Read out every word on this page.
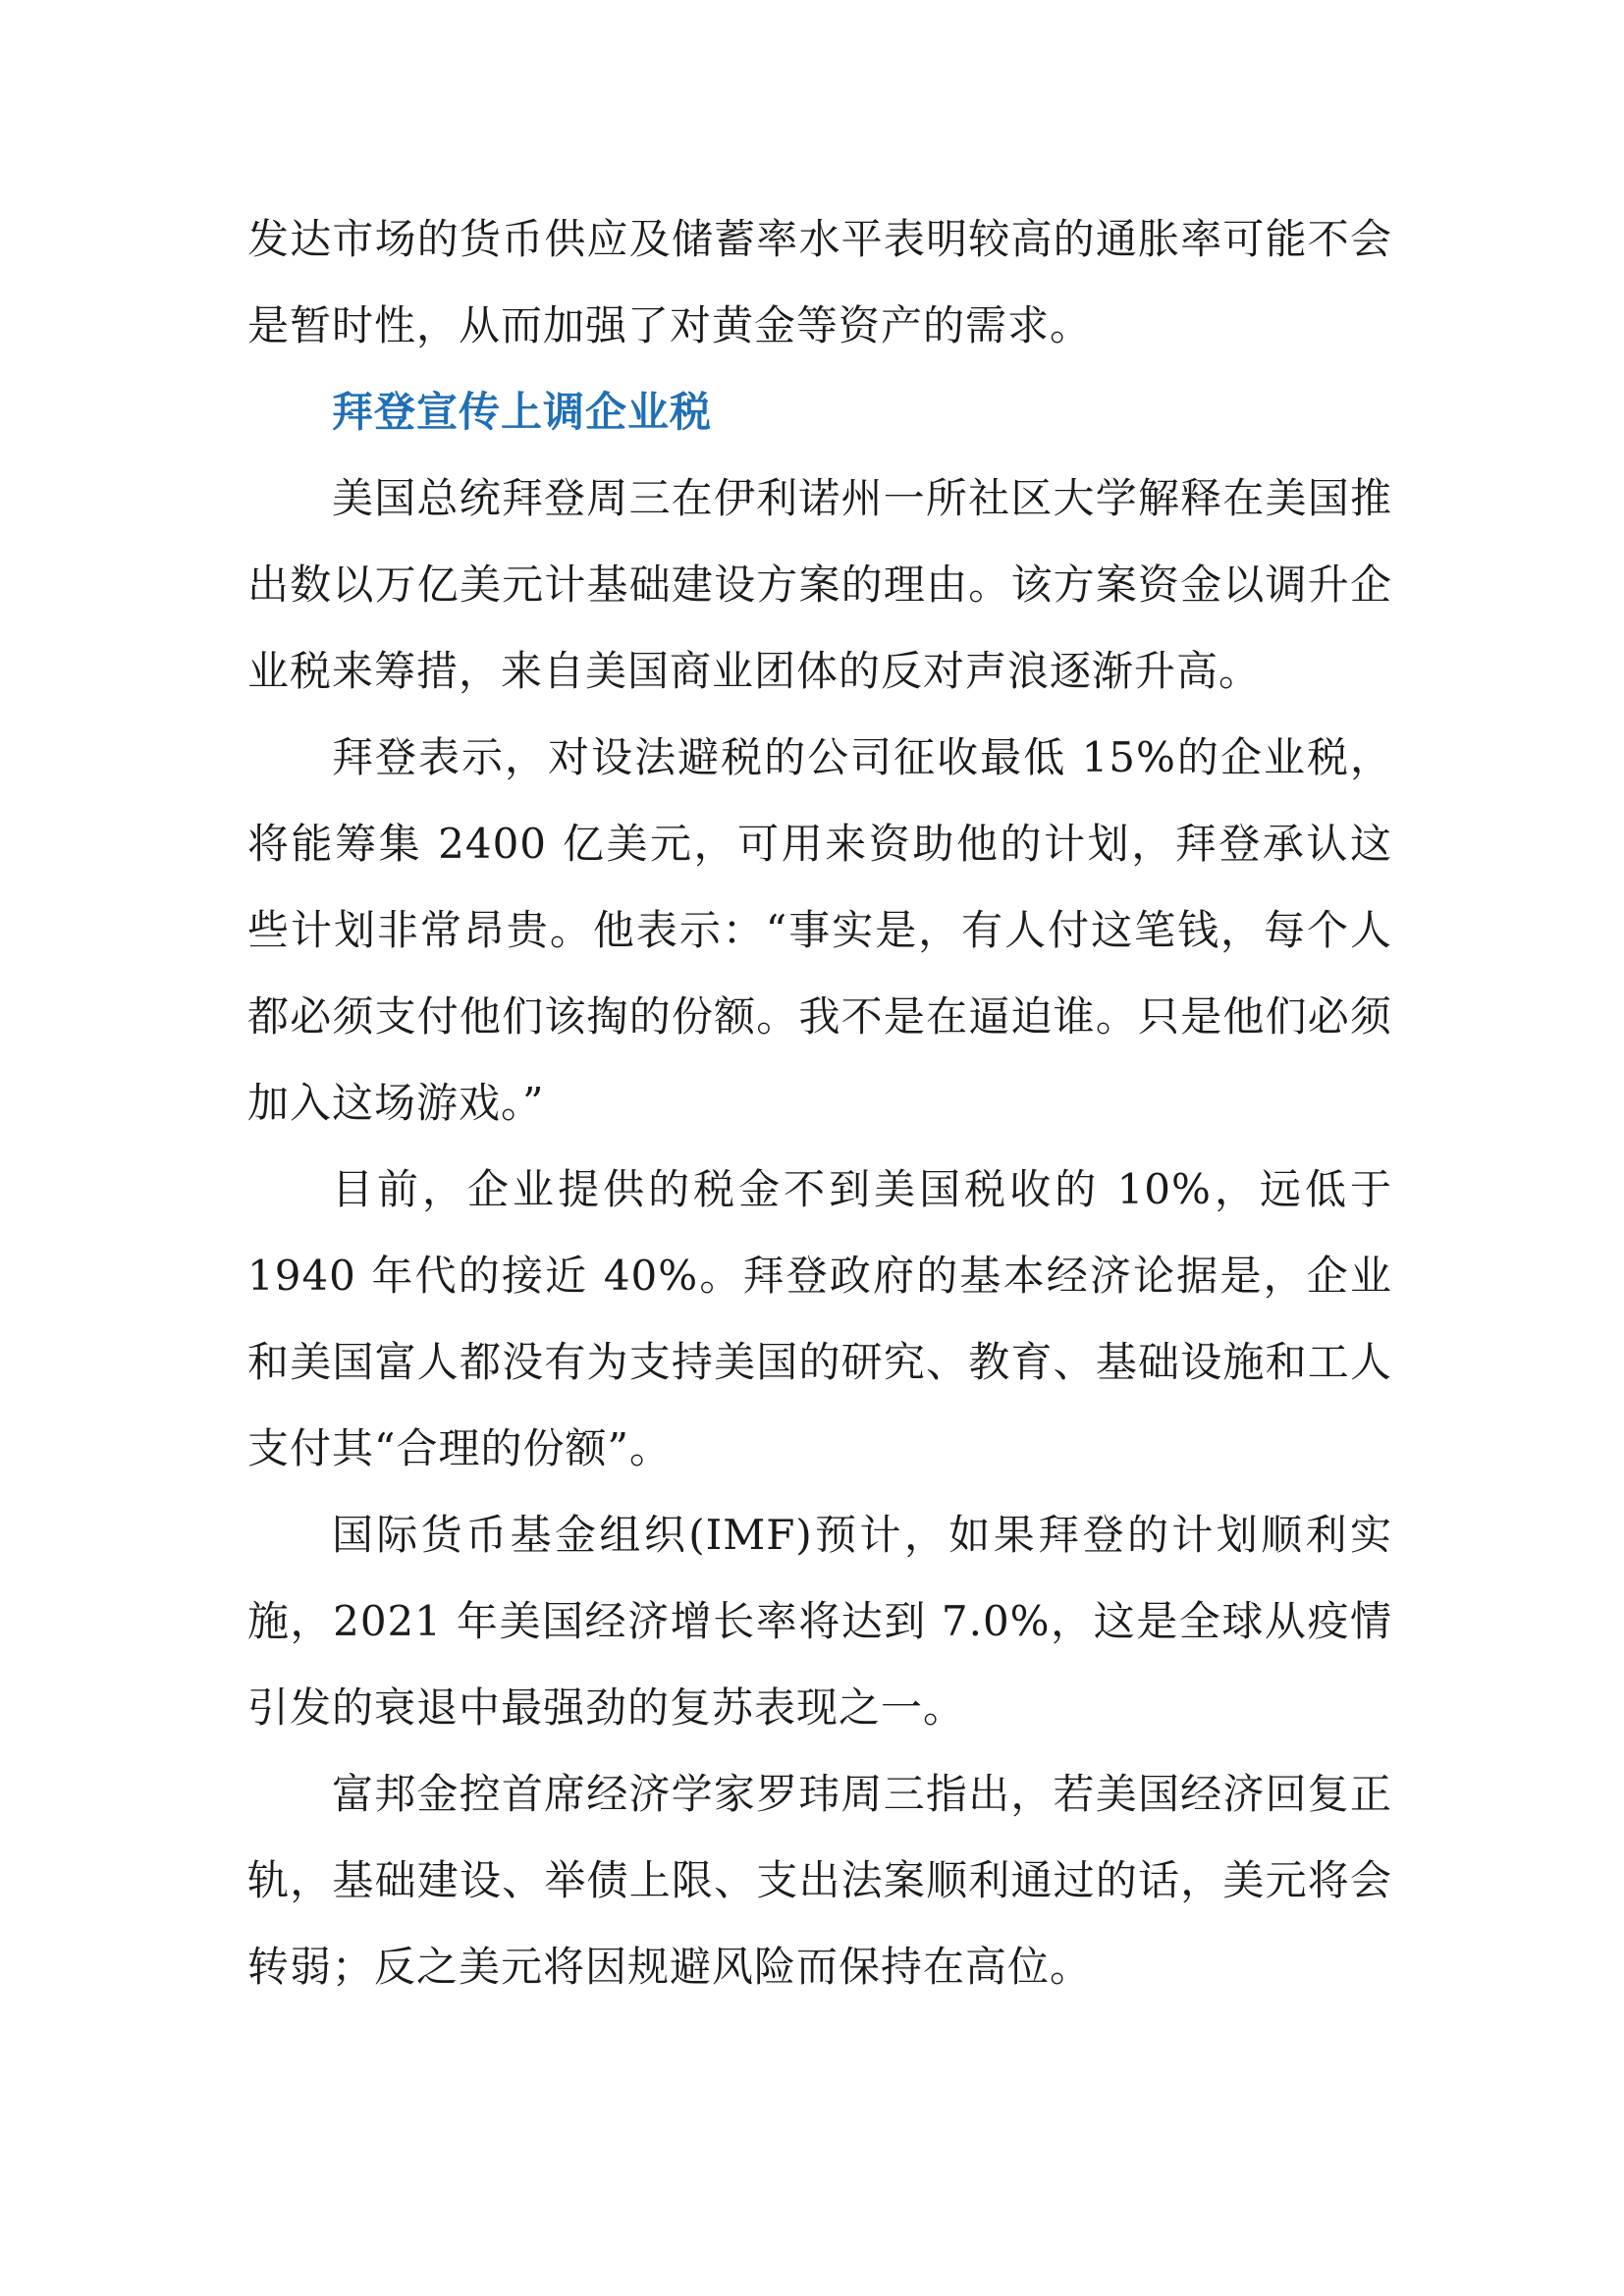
发达市场的货币供应及储蓄率水平表明较高的通胀率可能不会是暂时性，从而加强了对黄金等资产的需求。

拜登宣传上调企业税

美国总统拜登周三在伊利诺州一所社区大学解释在美国推出数以万亿美元计基础建设方案的理由。该方案资金以调升企业税来筹措，来自美国商业团体的反对声浪逐渐升高。

拜登表示，对设法避税的公司征收最低 15%的企业税，将能筹集 2400 亿美元，可用来资助他的计划，拜登承认这些计划非常昂贵。他表示：“事实是，有人付这笔钱，每个人都必须支付他们该掏的份额。我不是在逼迫谁。只是他们必须加入这场游戏。”

目前，企业提供的税金不到美国税收的 10%，远低于 1940 年代的接近 40%。拜登政府的基本经济论据是，企业和美国富人都没有为支持美国的研究、教育、基础设施和工人支付其“合理的份额”。

国际货币基金组织(IMF)预计，如果拜登的计划顺利实施，2021 年美国经济增长率将达到 7.0%，这是全球从疫情引发的衰退中最强劲的复苏表现之一。

富邦金控首席经济学家罗玮周三指出，若美国经济回复正轨，基础建设、举债上限、支出法案顺利通过的话，美元将会转弱；反之美元将因规避风险而保持在高位。
